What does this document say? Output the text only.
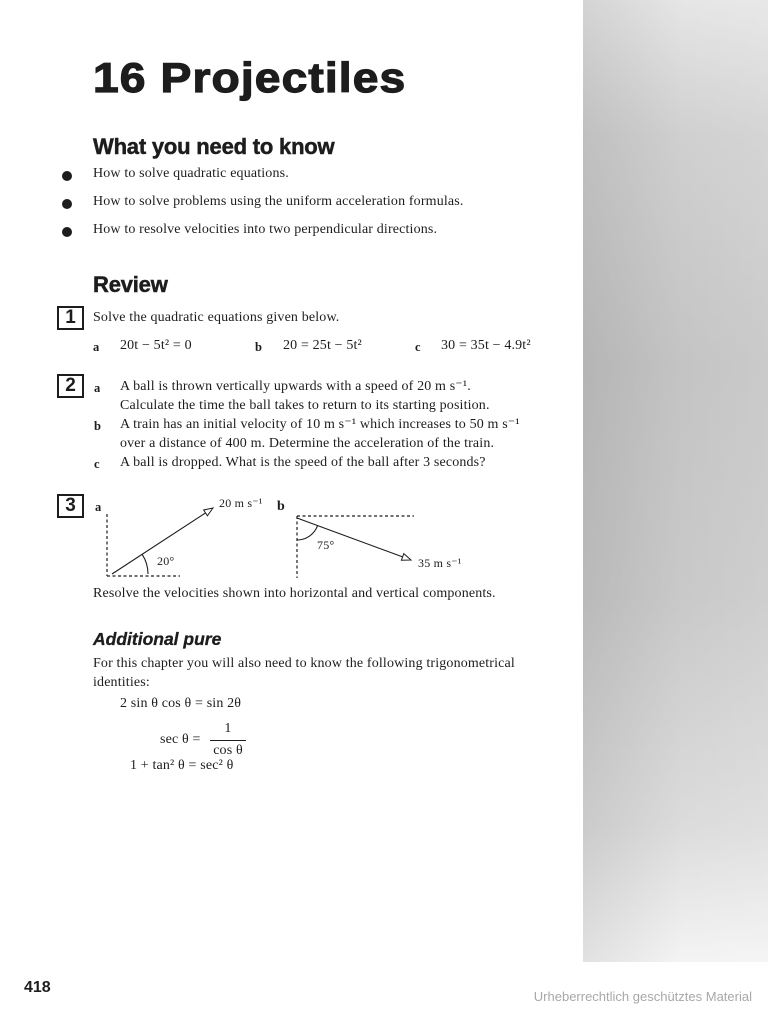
16 Projectiles
What you need to know
How to solve quadratic equations.
How to solve problems using the uniform acceleration formulas.
How to resolve velocities into two perpendicular directions.
Review
1	Solve the quadratic equations given below.
a 20t − 5t² = 0	b 20 = 25t − 5t²	c 30 = 35t − 4.9t²
2	a A ball is thrown vertically upwards with a speed of 20 m s⁻¹.
Calculate the time the ball takes to return to its starting position.
b A train has an initial velocity of 10 m s⁻¹ which increases to 50 m s⁻¹
over a distance of 400 m. Determine the acceleration of the train.
c A ball is dropped. What is the speed of the ball after 3 seconds?
3	a	20 m s⁻¹
20°
b
75°
35 m s⁻¹
Resolve the velocities shown into horizontal and vertical components.
Additional pure
For this chapter you will also need to know the following trigonometrical
identities:
2 sin θ cos θ = sin 2θ
sec θ =
1
cos θ
1 + tan² θ = sec² θ
418
Urheberrechtlich geschütztes Material
